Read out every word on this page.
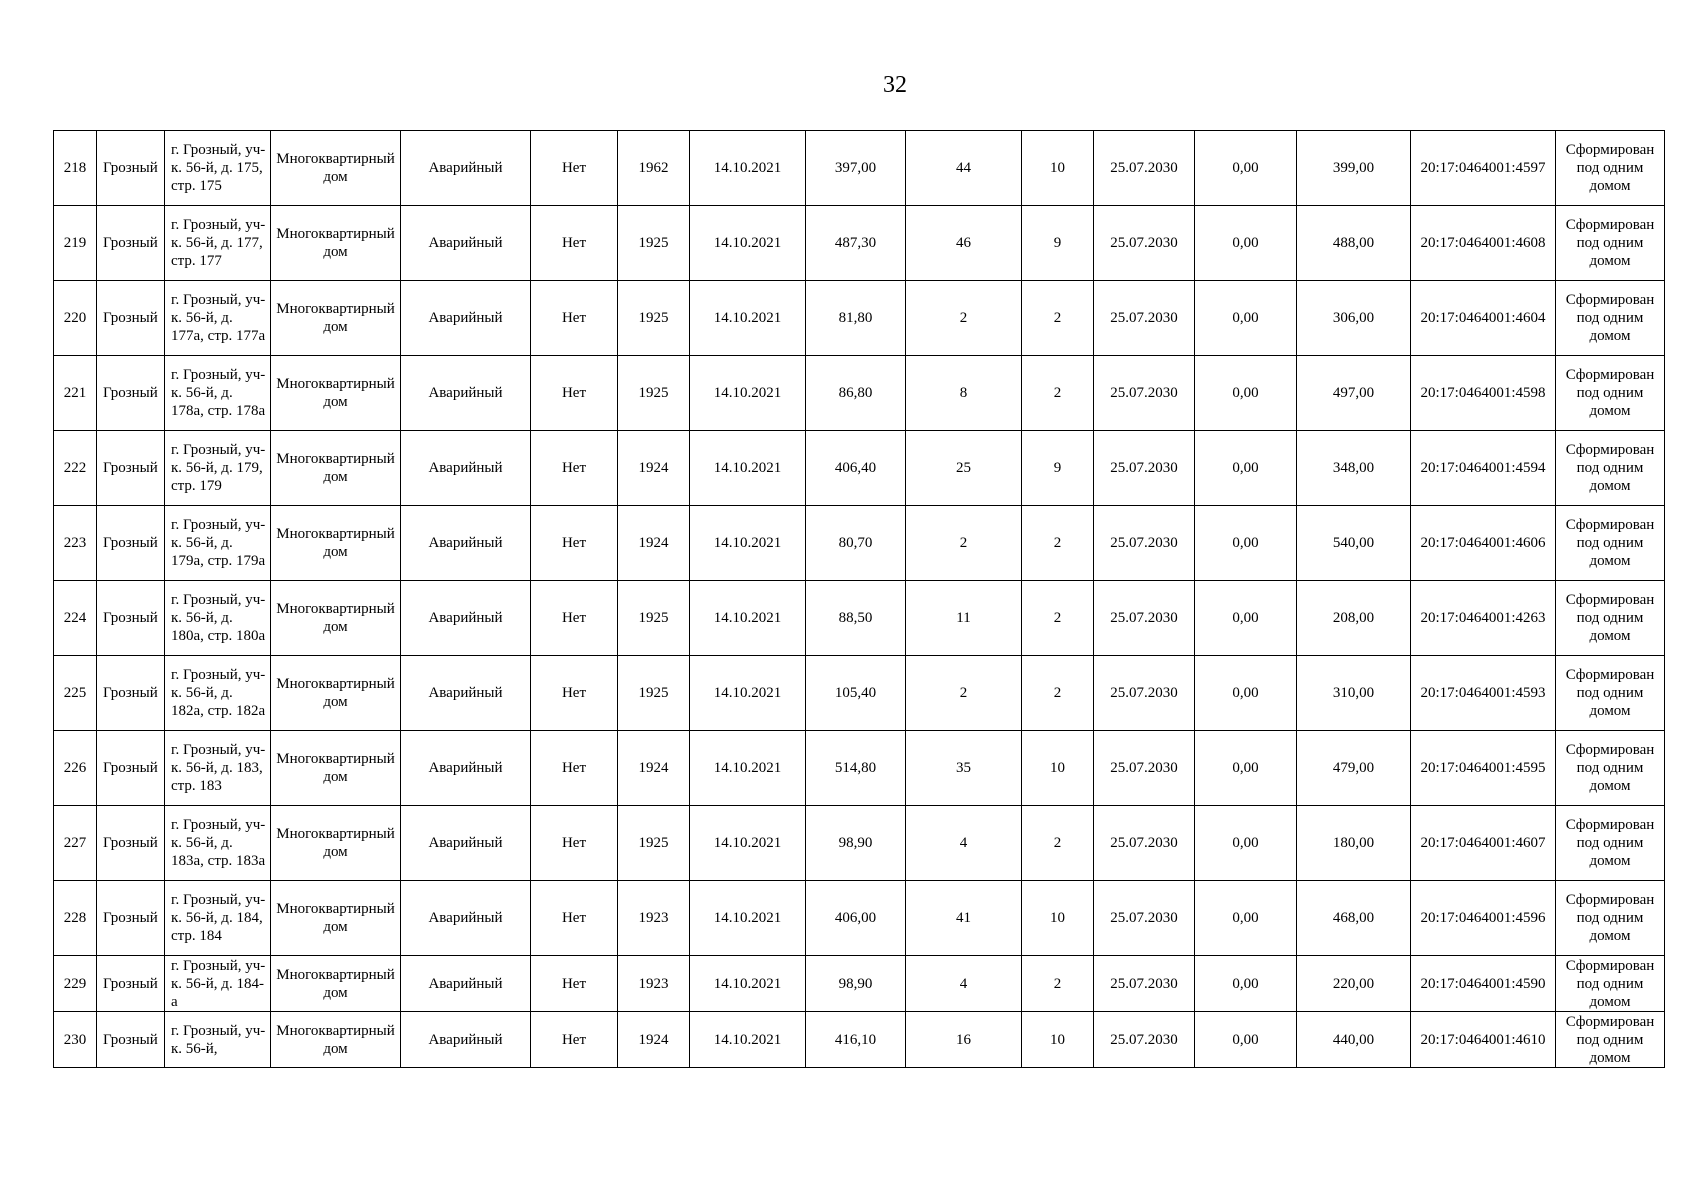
32
218	Грозный	г. Грозный, уч-к. 56-й, д. 175, стр. 175	Многоквартирный дом	Аварийный	Нет	1962	14.10.2021	397,00	44	10	25.07.2030	0,00	399,00	20:17:0464001:4597	Сформирован под одним домом
219	Грозный	г. Грозный, уч-к. 56-й, д. 177, стр. 177	Многоквартирный дом	Аварийный	Нет	1925	14.10.2021	487,30	46	9	25.07.2030	0,00	488,00	20:17:0464001:4608	Сформирован под одним домом
220	Грозный	г. Грозный, уч-к. 56-й, д. 177а, стр. 177а	Многоквартирный дом	Аварийный	Нет	1925	14.10.2021	81,80	2	2	25.07.2030	0,00	306,00	20:17:0464001:4604	Сформирован под одним домом
221	Грозный	г. Грозный, уч-к. 56-й, д. 178а, стр. 178а	Многоквартирный дом	Аварийный	Нет	1925	14.10.2021	86,80	8	2	25.07.2030	0,00	497,00	20:17:0464001:4598	Сформирован под одним домом
222	Грозный	г. Грозный, уч-к. 56-й, д. 179, стр. 179	Многоквартирный дом	Аварийный	Нет	1924	14.10.2021	406,40	25	9	25.07.2030	0,00	348,00	20:17:0464001:4594	Сформирован под одним домом
223	Грозный	г. Грозный, уч-к. 56-й, д. 179а, стр. 179а	Многоквартирный дом	Аварийный	Нет	1924	14.10.2021	80,70	2	2	25.07.2030	0,00	540,00	20:17:0464001:4606	Сформирован под одним домом
224	Грозный	г. Грозный, уч-к. 56-й, д. 180а, стр. 180а	Многоквартирный дом	Аварийный	Нет	1925	14.10.2021	88,50	11	2	25.07.2030	0,00	208,00	20:17:0464001:4263	Сформирован под одним домом
225	Грозный	г. Грозный, уч-к. 56-й, д. 182а, стр. 182а	Многоквартирный дом	Аварийный	Нет	1925	14.10.2021	105,40	2	2	25.07.2030	0,00	310,00	20:17:0464001:4593	Сформирован под одним домом
226	Грозный	г. Грозный, уч-к. 56-й, д. 183, стр. 183	Многоквартирный дом	Аварийный	Нет	1924	14.10.2021	514,80	35	10	25.07.2030	0,00	479,00	20:17:0464001:4595	Сформирован под одним домом
227	Грозный	г. Грозный, уч-к. 56-й, д. 183а, стр. 183а	Многоквартирный дом	Аварийный	Нет	1925	14.10.2021	98,90	4	2	25.07.2030	0,00	180,00	20:17:0464001:4607	Сформирован под одним домом
228	Грозный	г. Грозный, уч-к. 56-й, д. 184, стр. 184	Многоквартирный дом	Аварийный	Нет	1923	14.10.2021	406,00	41	10	25.07.2030	0,00	468,00	20:17:0464001:4596	Сформирован под одним домом
229	Грозный	г. Грозный, уч-к. 56-й, д. 184-а	Многоквартирный дом	Аварийный	Нет	1923	14.10.2021	98,90	4	2	25.07.2030	0,00	220,00	20:17:0464001:4590	Сформирован под одним домом
230	Грозный	г. Грозный, уч-к. 56-й,	Многоквартирный дом	Аварийный	Нет	1924	14.10.2021	416,10	16	10	25.07.2030	0,00	440,00	20:17:0464001:4610	Сформирован под одним домом
